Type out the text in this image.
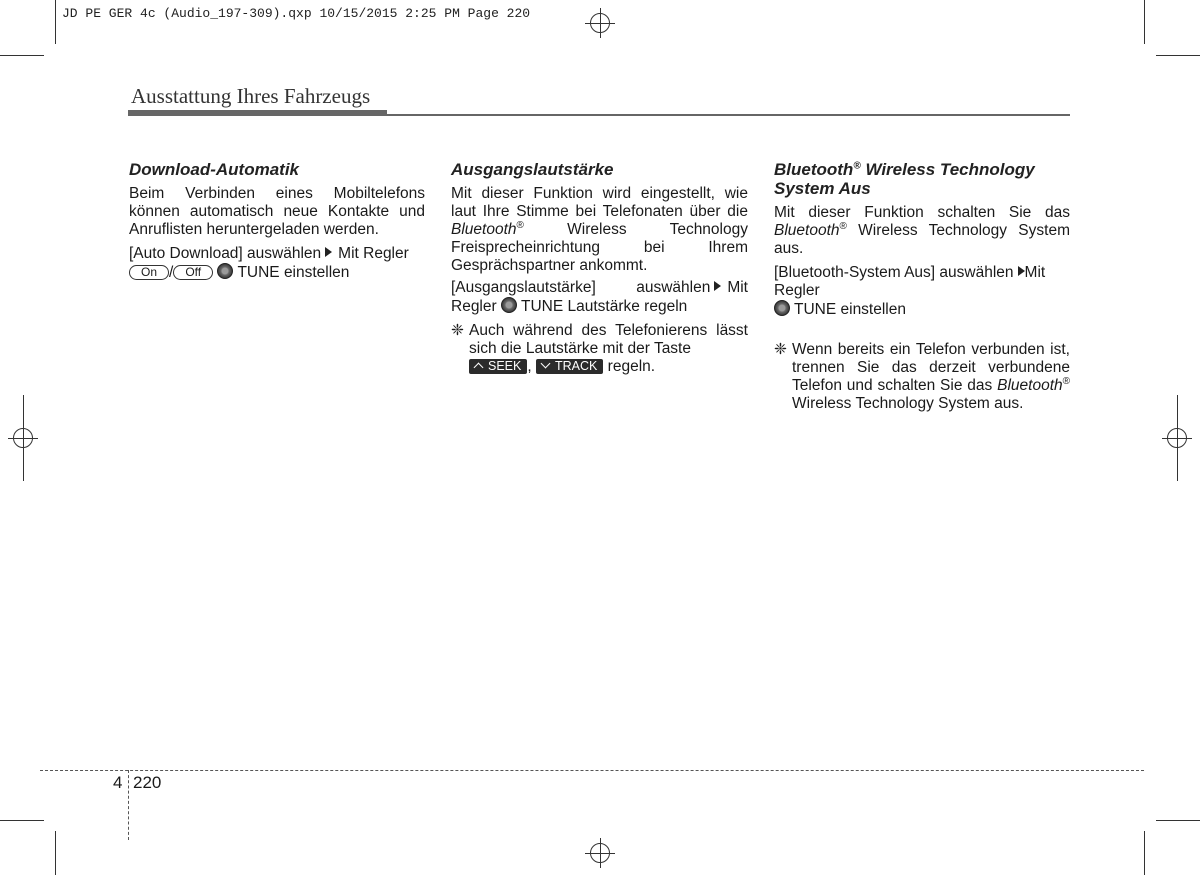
JD PE GER 4c (Audio_197-309).qxp 10/15/2015 2:25 PM Page 220
Ausstattung Ihres Fahrzeugs
Download-Automatik

Beim Verbinden eines Mobiltelefons können automatisch neue Kontakte und Anruflisten heruntergeladen werden.

[Auto Download] auswählen Mit Regler
On / Off TUNE einstellen

Ausgangslautstärke

Mit dieser Funktion wird eingestellt, wie laut Ihre Stimme bei Telefonaten über die Bluetooth®	Wireless Technology Freisprecheinrichtung bei Ihrem Gesprächspartner ankommt.

[Ausgangslautstärke] auswählen Mit Regler TUNE Lautstärke regeln

❈ Auch während des Telefonierens lässt sich die Lautstärke mit der Taste
SEEK , TRACK regeln.
Bluetooth® Wireless Technology System Aus

Mit dieser Funktion schalten Sie das Bluetooth® Wireless Technology System aus.

[Bluetooth-System Aus] auswählen Mit Regler
TUNE einstellen

❈ Wenn bereits ein Telefon verbunden ist, trennen Sie das derzeit verbundene Telefon und schalten Sie das Bluetooth® Wireless Technology System aus.
4 220
